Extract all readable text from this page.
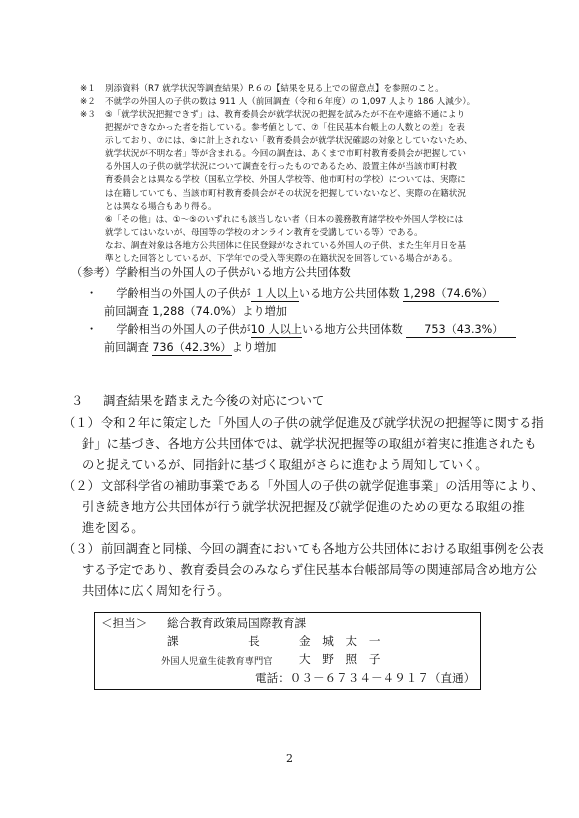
※１ 別添資料（R7 就学状況等調査結果）P.６の【結果を見る上での留意点】を参照のこと。
※２ 不就学の外国人の子供の数は 911 人（前回調査（令和６年度）の 1,097 人より 186 人減少）。
※３ ⑤「就学状況把握できず」は、教育委員会が就学状況の把握を試みたが不在や連絡不通により
把握ができなかった者を指している。参考値として、⑦「住民基本台帳上の人数との差」を表
示しており、⑦には、⑤に計上されない「教育委員会が就学状況確認の対象としていないため、
就学状況が不明な者」等が含まれる。今回の調査は、あくまで市町村教育委員会が把握してい
る外国人の子供の就学状況について調査を行ったものであるため、設置主体が当該市町村教
育委員会とは異なる学校（国私立学校、外国人学校等、他市町村の学校）については、実際に
は在籍していても、当該市町村教育委員会がその状況を把握していないなど、実際の在籍状況
とは異なる場合もあり得る。
⑥「その他」は、①～⑤のいずれにも該当しない者（日本の義務教育諸学校や外国人学校には
就学してはいないが、母国等の学校のオンライン教育を受講している等）である。
なお、調査対象は各地方公共団体に住民登録がなされている外国人の子供、また生年月日を基
準とした回答としているが、下学年での受入等実際の在籍状況を回答している場合がある。
（参考）学齢相当の外国人の子供がいる地方公共団体数
・ 学齢相当の外国人の子供が １人以上いる地方公共団体数 1,298（74.6%）
前回調査 1,288（74.0%）より増加
・ 学齢相当の外国人の子供が10 人以上いる地方公共団体数 753（43.3%）
前回調査 736（42.3%）より増加
３ 調査結果を踏まえた今後の対応について
（１） 令和２年に策定した「外国人の子供の就学促進及び就学状況の把握等に関する指
針」に基づき、各地方公共団体では、就学状況把握等の取組が着実に推進されたも
のと捉えているが、同指針に基づく取組がさらに進むよう周知していく。
（２） 文部科学省の補助事業である「外国人の子供の就学促進事業」の活用等により、
引き続き地方公共団体が行う就学状況把握及び就学促進のための更なる取組の推
進を図る。
（３） 前回調査と同様、今回の調査においても各地方公共団体における取組事例を公表
する予定であり、教育委員会のみならず住民基本台帳部局等の関連部局含め地方公
共団体に広く周知を行う。
＜担当＞ 総合教育政策局国際教育課
課　　　　　　長	金 城 太 一
外国人児童生徒教育専門官 大 野 照 子
電話：０３－６７３４－４９１７（直通）
2
